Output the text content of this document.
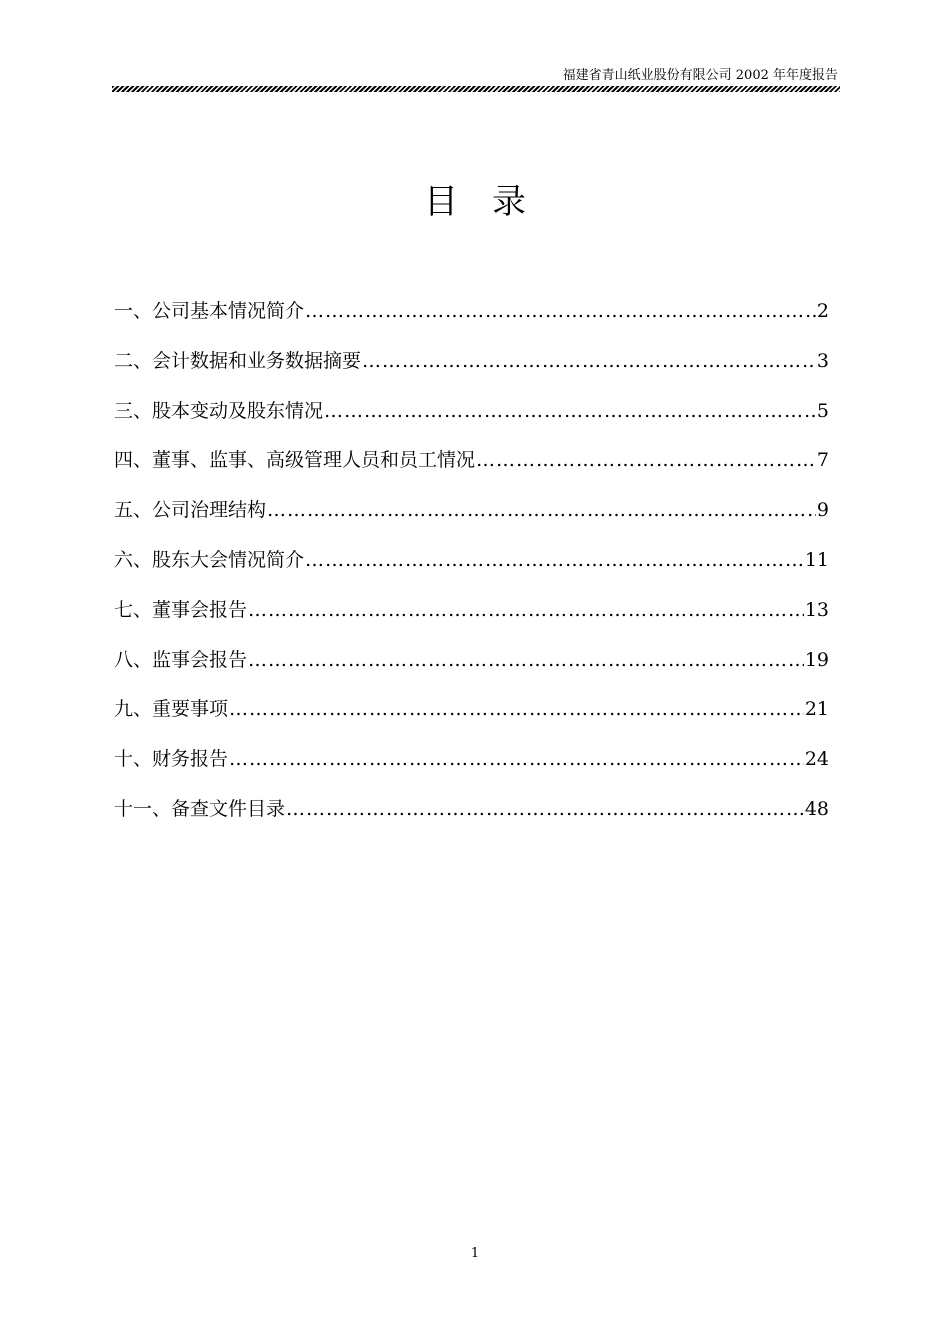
福建省青山纸业股份有限公司 2002 年年度报告
目录
一、公司基本情况简介 ………………………………………………………………………………………………………………	2
二、会计数据和业务数据摘要 ………………………………………………………………………………………………………………	3
三、股本变动及股东情况 ………………………………………………………………………………………………………………	5
四、董事、监事、高级管理人员和员工情况 ………………………………………………………………………………………………………………	7
五、公司治理结构 ………………………………………………………………………………………………………………	9
六、股东大会情况简介 ………………………………………………………………………………………………………………	11
七、董事会报告 ………………………………………………………………………………………………………………	13
八、监事会报告 ………………………………………………………………………………………………………………	19
九、重要事项 ………………………………………………………………………………………………………………	21
十、财务报告 ………………………………………………………………………………………………………………	24
十一、备查文件目录 ………………………………………………………………………………………………………………	48
1
